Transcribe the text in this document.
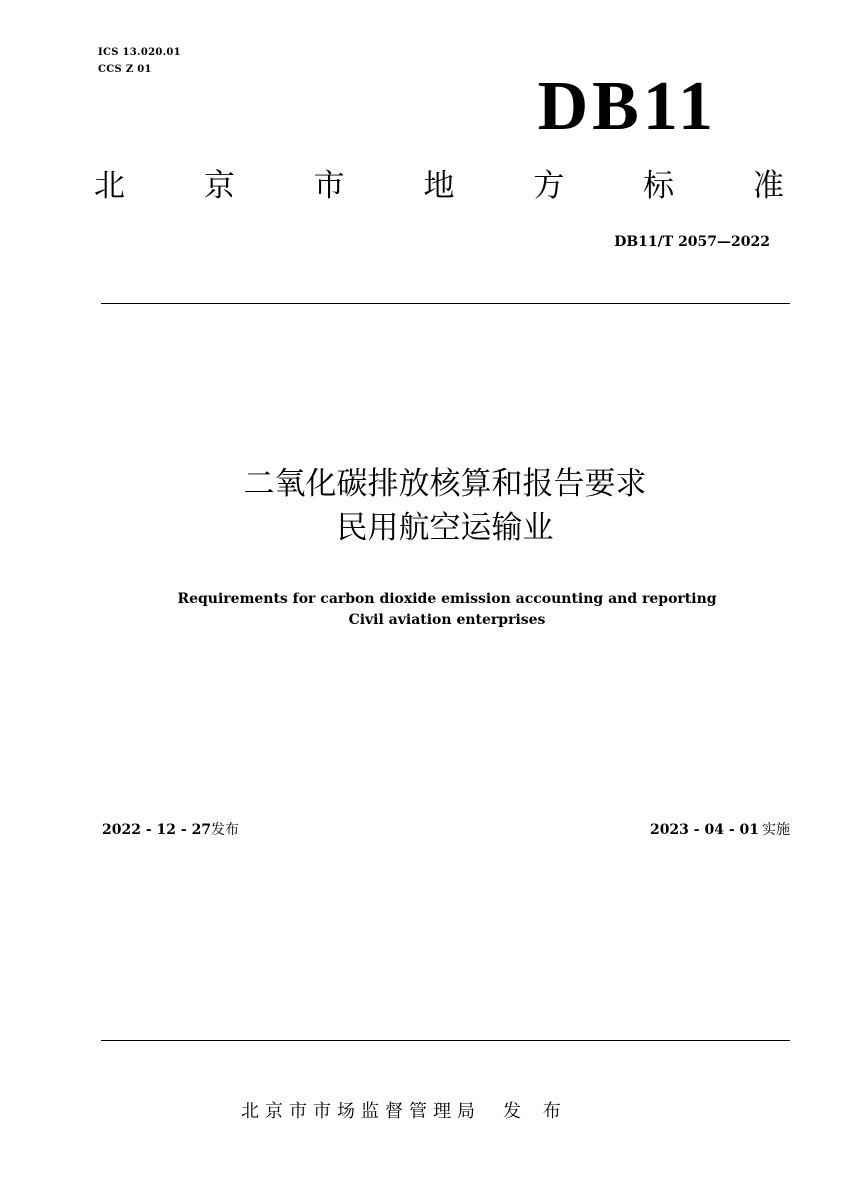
ICS 13.020.01
CCS Z 01	DB11
北	京	市	地	方	标	准
DB11/T 2057—2022
二氧化碳排放核算和报告要求
民用航空运输业
Requirements for carbon dioxide emission accounting and reporting
Civil aviation enterprises
2022 - 12 - 27发布	2023 - 04 - 01 实施
北京市市场监督管理局 发 布
